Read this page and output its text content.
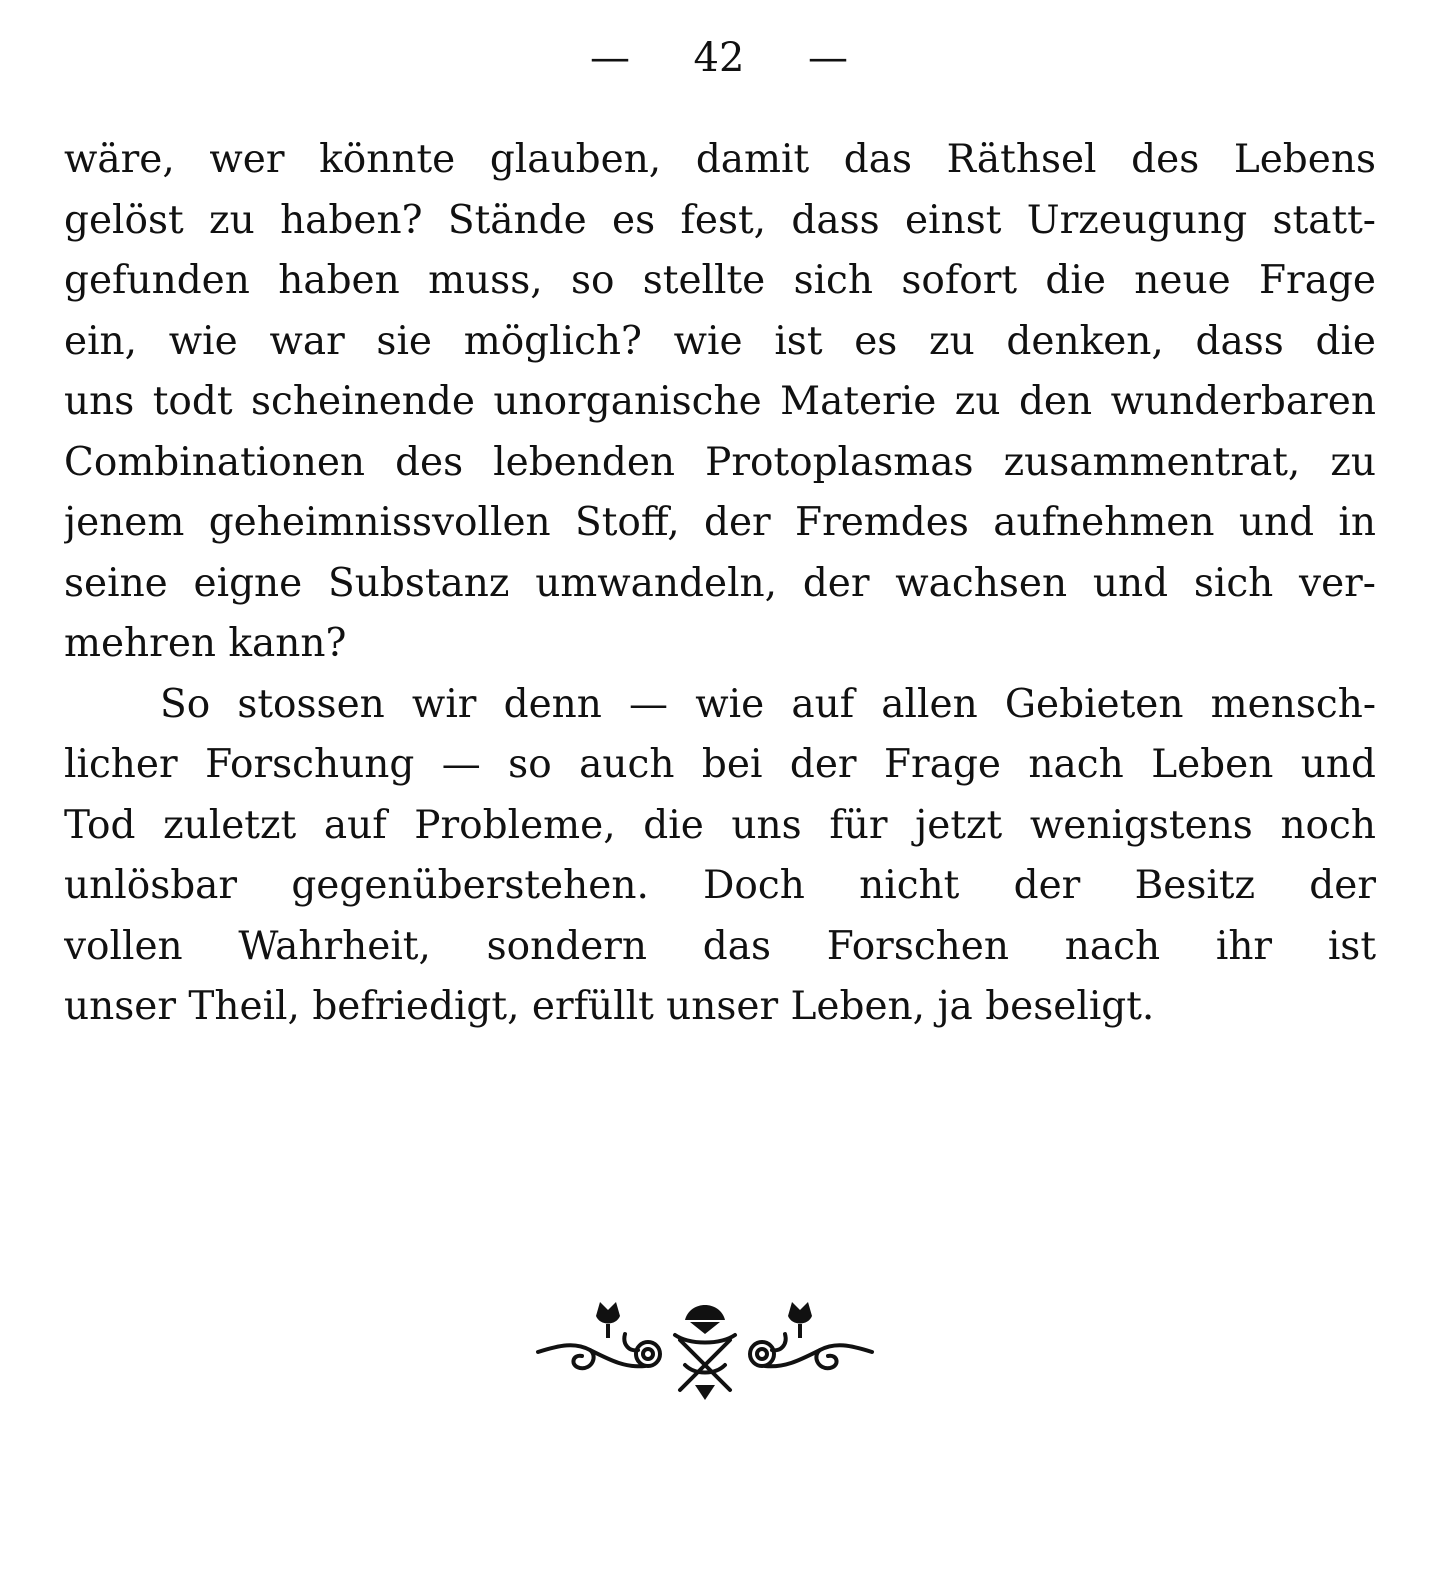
— 42 —
wäre, wer könnte glauben, damit das Räthsel des Lebens
gelöst zu haben? Stände es fest, dass einst Urzeugung statt-
gefunden haben muss, so stellte sich sofort die neue Frage
ein, wie war sie möglich? wie ist es zu denken, dass die
uns todt scheinende unorganische Materie zu den wunderbaren
Combinationen des lebenden Protoplasmas zusammentrat, zu
jenem geheimnissvollen Stoff, der Fremdes aufnehmen und in
seine eigne Substanz umwandeln, der wachsen und sich ver-
mehren kann?
So stossen wir denn — wie auf allen Gebieten mensch-
licher Forschung — so auch bei der Frage nach Leben und
Tod zuletzt auf Probleme, die uns für jetzt wenigstens noch
unlösbar gegenüberstehen. Doch nicht der Besitz der
vollen Wahrheit, sondern das Forschen nach ihr ist
unser Theil, befriedigt, erfüllt unser Leben, ja beseligt.
